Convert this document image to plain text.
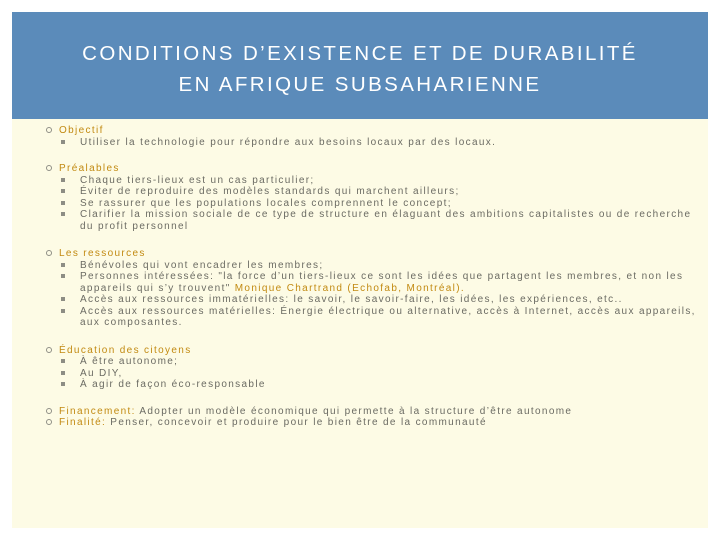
CONDITIONS D’EXISTENCE ET DE DURABILITÉ
EN AFRIQUE SUBSAHARIENNE
Objectif
Utiliser la technologie pour répondre aux besoins locaux par des locaux.
Préalables
Chaque tiers-lieux est un cas particulier;
Éviter de reproduire des modèles standards qui marchent ailleurs;
Se rassurer que les populations locales comprennent le concept;
Clarifier la mission sociale de ce type de structure en élaguant des ambitions capitalistes ou de recherche du profit personnel
Les ressources
Bénévoles qui vont encadrer les membres;
Personnes intéressées: "la force d’un tiers-lieux ce sont les idées que partagent les membres, et non les appareils qui s’y trouvent" Monique Chartrand (Echofab, Montréal).
Accès aux ressources immatérielles: le savoir, le savoir-faire, les idées, les expériences, etc..
Accès aux ressources matérielles: Énergie électrique ou alternative, accès à Internet, accès aux appareils, aux composantes.
Éducation des citoyens
À être autonome;
Au DIY,
À agir de façon éco-responsable
Financement: Adopter un modèle économique qui permette à la structure d’être autonome
Finalité: Penser, concevoir et produire pour le bien être de la communauté
